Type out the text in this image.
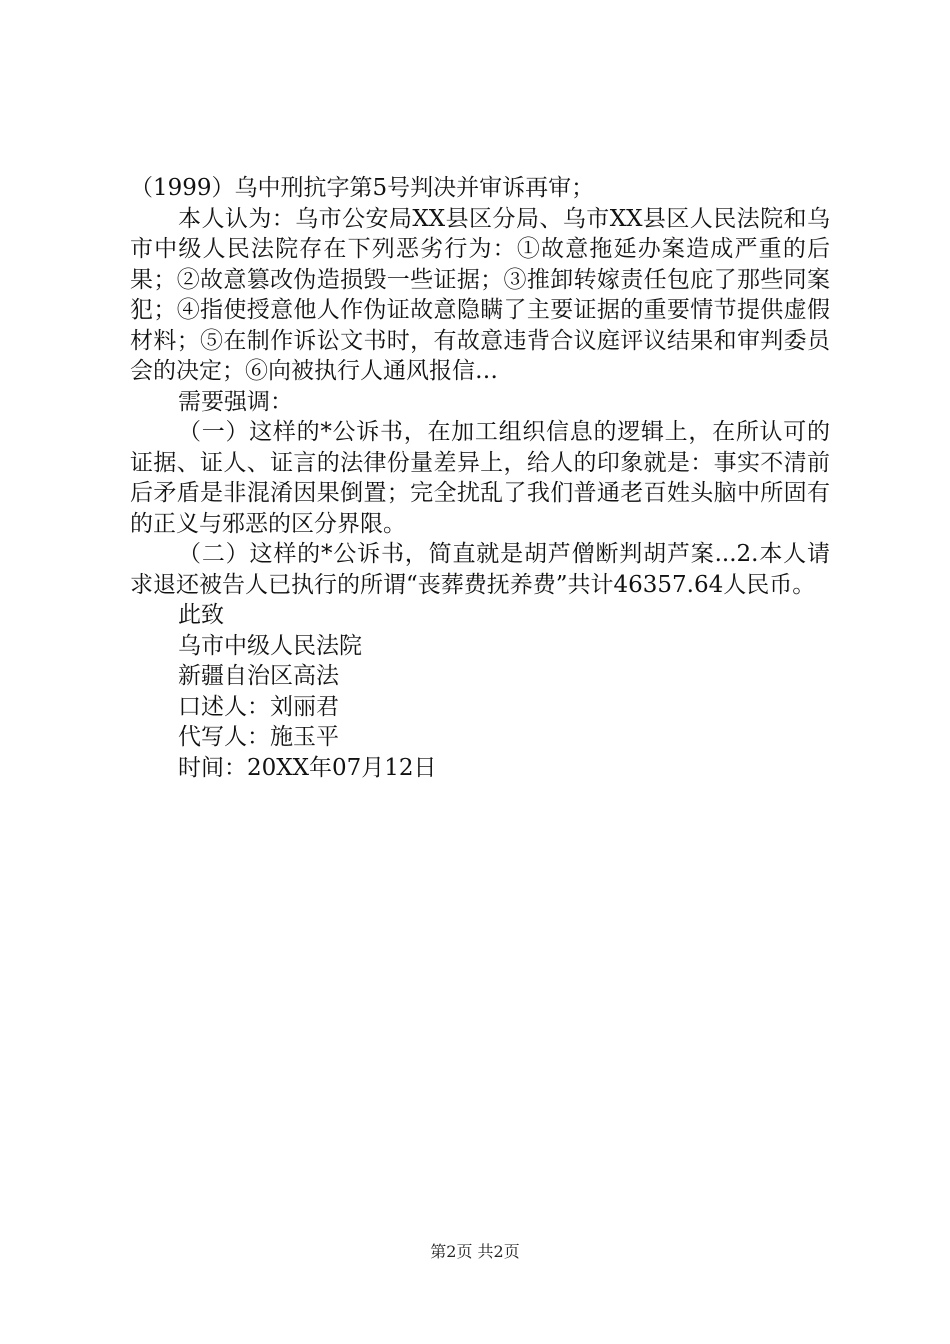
（1999）乌中刑抗字第5号判决并审诉再审；

本人认为：乌市公安局XX县区分局、乌市XX县区人民法院和乌市中级人民法院存在下列恶劣行为：①故意拖延办案造成严重的后果；②故意篡改伪造损毁一些证据；③推卸转嫁责任包庇了那些同案犯；④指使授意他人作伪证故意隐瞒了主要证据的重要情节提供虚假材料；⑤在制作诉讼文书时，有故意违背合议庭评议结果和审判委员会的决定；⑥向被执行人通风报信…

需要强调：

（一）这样的*公诉书，在加工组织信息的逻辑上，在所认可的证据、证人、证言的法律份量差异上，给人的印象就是：事实不清前后矛盾是非混淆因果倒置；完全扰乱了我们普通老百姓头脑中所固有的正义与邪恶的区分界限。

（二）这样的*公诉书，简直就是胡芦僧断判胡芦案...2.本人请求退还被告人已执行的所谓“丧葬费抚养费”共计46357.64人民币。

此致

乌市中级人民法院

新疆自治区高法

口述人：刘丽君

代写人：施玉平

时间：20XX年07月12日

第2页 共2页
